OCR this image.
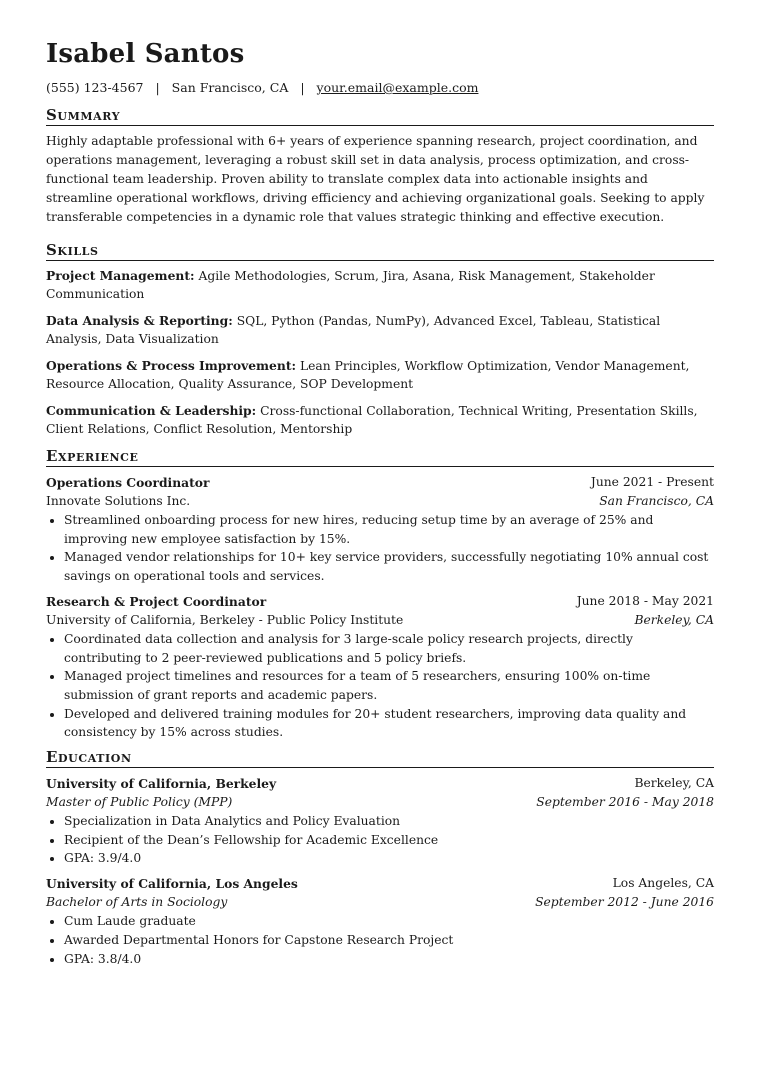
Isabel Santos
(555) 123-4567 | San Francisco, CA | your.email@example.com
Summary

Highly adaptable professional with 6+ years of experience spanning research, project coordination, and operations management, leveraging a robust skill set in data analysis, process optimization, and cross-functional team leadership. Proven ability to translate complex data into actionable insights and streamline operational workflows, driving efficiency and achieving organizational goals. Seeking to apply transferable competencies in a dynamic role that values strategic thinking and effective execution.

Skills
Project Management: Agile Methodologies, Scrum, Jira, Asana, Risk Management, Stakeholder Communication
Data Analysis & Reporting: SQL, Python (Pandas, NumPy), Advanced Excel, Tableau, Statistical Analysis, Data Visualization
Operations & Process Improvement: Lean Principles, Workflow Optimization, Vendor Management, Resource Allocation, Quality Assurance, SOP Development
Communication & Leadership: Cross-functional Collaboration, Technical Writing, Presentation Skills, Client Relations, Conflict Resolution, Mentorship
Experience
Operations Coordinator	June 2021 - Present
Innovate Solutions Inc.	San Francisco, CA
• Streamlined onboarding process for new hires, reducing setup time by an average of 25% and improving new employee satisfaction by 15%.
• Managed vendor relationships for 10+ key service providers, successfully negotiating 10% annual cost savings on operational tools and services.
Research & Project Coordinator	June 2018 - May 2021
University of California, Berkeley - Public Policy Institute	Berkeley, CA
• Coordinated data collection and analysis for 3 large-scale policy research projects, directly contributing to 2 peer-reviewed publications and 5 policy briefs.
• Managed project timelines and resources for a team of 5 researchers, ensuring 100% on-time submission of grant reports and academic papers.
• Developed and delivered training modules for 20+ student researchers, improving data quality and consistency by 15% across studies.
Education
University of California, Berkeley	Berkeley, CA
Master of Public Policy (MPP)	September 2016 - May 2018
• Specialization in Data Analytics and Policy Evaluation
• Recipient of the Dean’s Fellowship for Academic Excellence
• GPA: 3.9/4.0
University of California, Los Angeles	Los Angeles, CA
Bachelor of Arts in Sociology	September 2012 - June 2016
• Cum Laude graduate
• Awarded Departmental Honors for Capstone Research Project
• GPA: 3.8/4.0
